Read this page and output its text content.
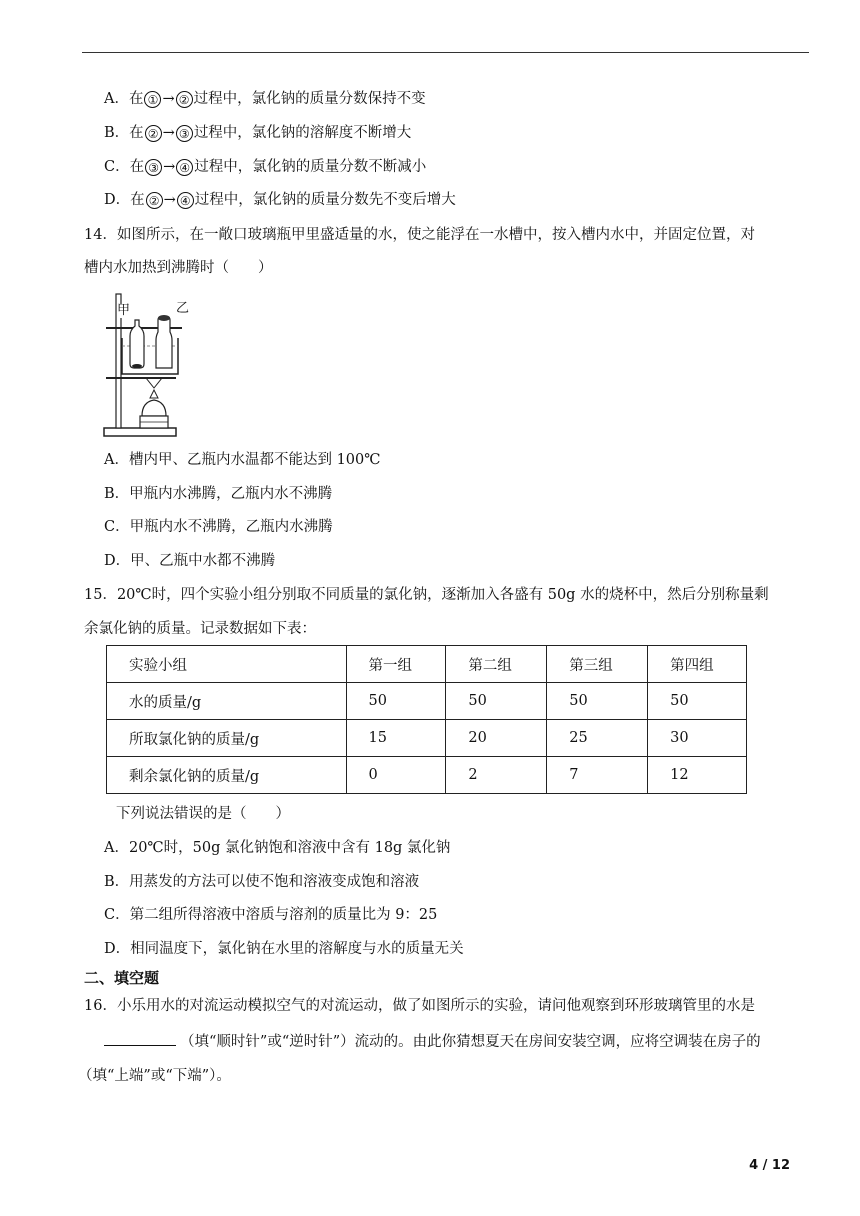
A．在 ① → ② 过程中，氯化钠的质量分数保持不变
B．在 ② → ③ 过程中，氯化钠的溶解度不断增大
C．在 ③ → ④ 过程中，氯化钠的质量分数不断减小
D．在 ② → ④ 过程中，氯化钠的质量分数先不变后增大
14．如图所示，在一敞口玻璃瓶甲里盛适量的水，使之能浮在一水槽中，按入槽内水中，并固定位置，对
槽内水加热到沸腾时（　　）
甲	乙
A．槽内甲、乙瓶内水温都不能达到 100℃
B．甲瓶内水沸腾，乙瓶内水不沸腾
C．甲瓶内水不沸腾，乙瓶内水沸腾
D．甲、乙瓶中水都不沸腾
15．20℃时，四个实验小组分别取不同质量的氯化钠，逐渐加入各盛有 50g 水的烧杯中，然后分别称量剩
余氯化钠的质量。记录数据如下表：
实验小组	第一组	第二组	第三组	第四组
水的质量/g	50	50	50	50
所取氯化钠的质量/g	15	20	25	30
剩余氯化钠的质量/g	0	2	7	12
下列说法错误的是（　　）
A．20℃时，50g 氯化钠饱和溶液中含有 18g 氯化钠
B．用蒸发的方法可以使不饱和溶液变成饱和溶液
C．第二组所得溶液中溶质与溶剂的质量比为 9：25
D．相同温度下，氯化钠在水里的溶解度与水的质量无关
二、填空题
16．小乐用水的对流运动模拟空气的对流运动，做了如图所示的实验，请问他观察到环形玻璃管里的水是
（填“顺时针”或“逆时针”）流动的。由此你猜想夏天在房间安装空调，应将空调装在房子的
（填“上端”或“下端”）。
4 / 12
